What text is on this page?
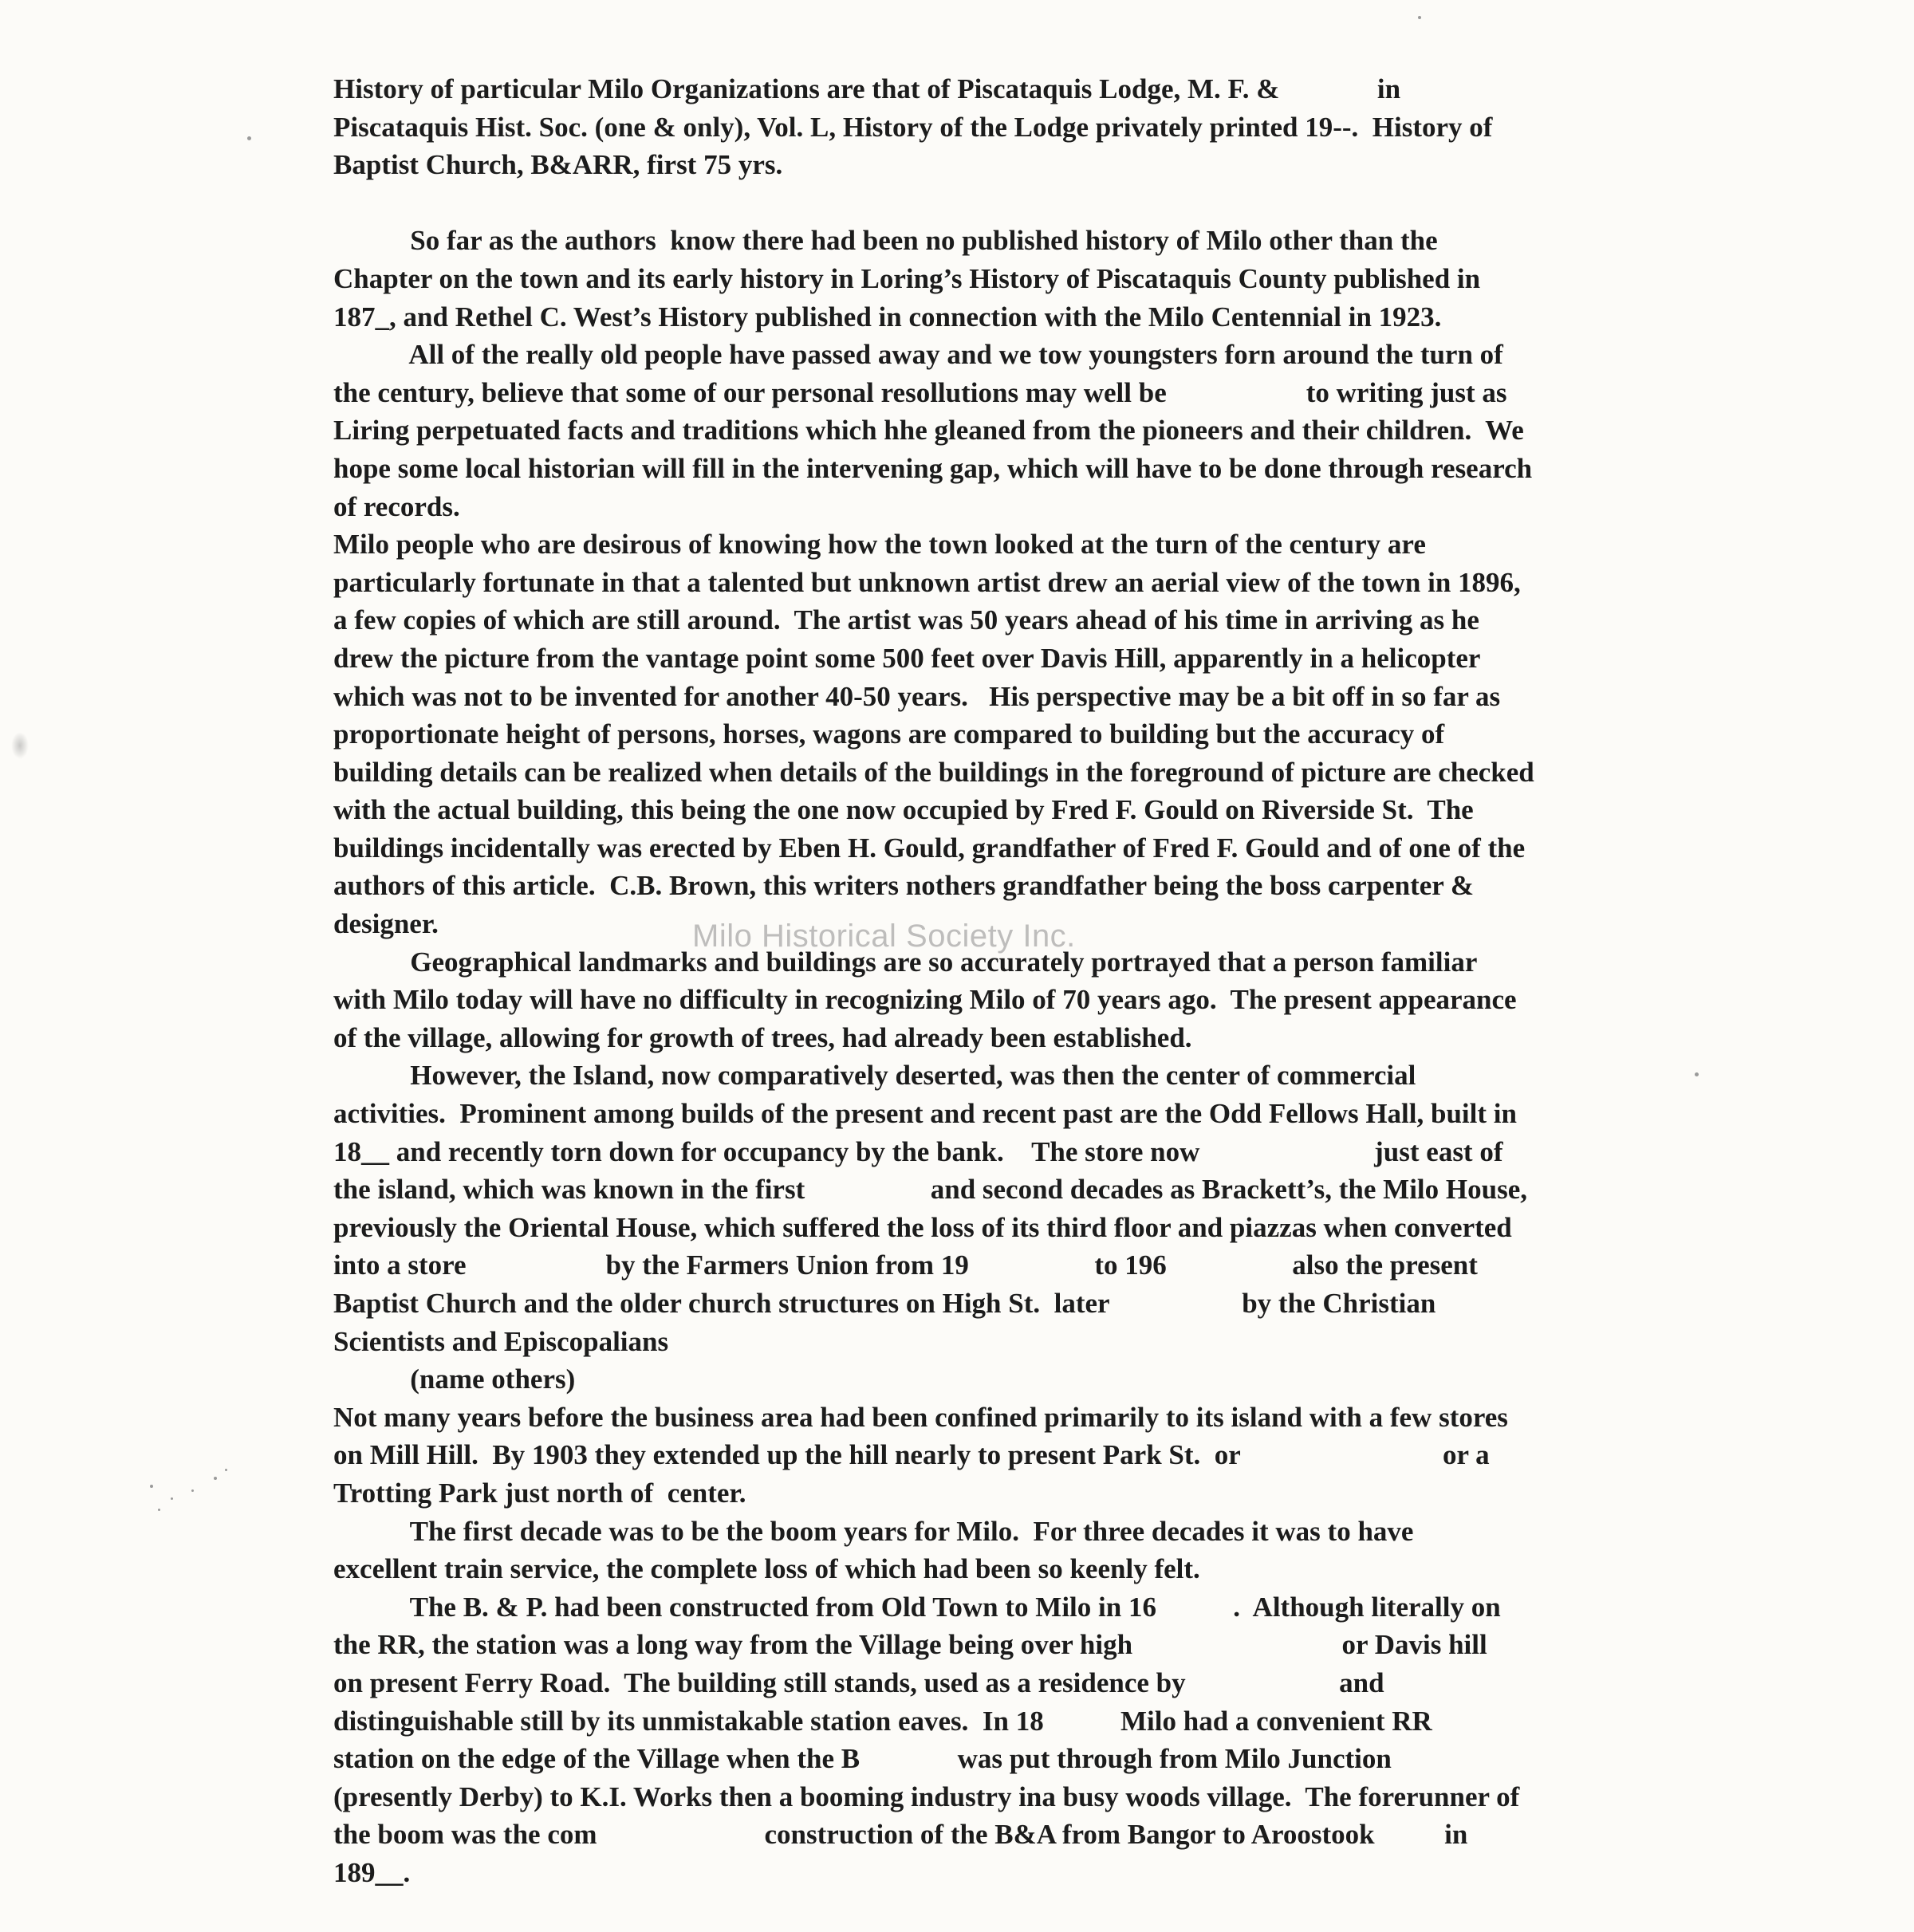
History of particular Milo Organizations are that of Piscataquis Lodge, M. F. &              in
Piscataquis Hist. Soc. (one & only), Vol. L, History of the Lodge privately printed 19--.  History of
Baptist Church, B&ARR, first 75 yrs.
So far as the authors  know there had been no published history of Milo other than the
Chapter on the town and its early history in Loring’s History of Piscataquis County published in
187_, and Rethel C. West’s History published in connection with the Milo Centennial in 1923.
All of the really old people have passed away and we tow youngsters forn around the turn of
the century, believe that some of our personal resollutions may well be                    to writing just as
Liring perpetuated facts and traditions which hhe gleaned from the pioneers and their children.  We
hope some local historian will fill in the intervening gap, which will have to be done through research
of records.
Milo people who are desirous of knowing how the town looked at the turn of the century are
particularly fortunate in that a talented but unknown artist drew an aerial view of the town in 1896,
a few copies of which are still around.  The artist was 50 years ahead of his time in arriving as he
drew the picture from the vantage point some 500 feet over Davis Hill, apparently in a helicopter
which was not to be invented for another 40-50 years.   His perspective may be a bit off in so far as
proportionate height of persons, horses, wagons are compared to building but the accuracy of
building details can be realized when details of the buildings in the foreground of picture are checked
with the actual building, this being the one now occupied by Fred F. Gould on Riverside St.  The
buildings incidentally was erected by Eben H. Gould, grandfather of Fred F. Gould and of one of the
authors of this article.  C.B. Brown, this writers nothers grandfather being the boss carpenter &
designer.
Geographical landmarks and buildings are so accurately portrayed that a person familiar
with Milo today will have no difficulty in recognizing Milo of 70 years ago.  The present appearance
of the village, allowing for growth of trees, had already been established.
However, the Island, now comparatively deserted, was then the center of commercial
activities.  Prominent among builds of the present and recent past are the Odd Fellows Hall, built in
18__ and recently torn down for occupancy by the bank.    The store now                         just east of
the island, which was known in the first                  and second decades as Brackett’s, the Milo House,
previously the Oriental House, which suffered the loss of its third floor and piazzas when converted
into a store                    by the Farmers Union from 19                  to 196                  also the present
Baptist Church and the older church structures on High St.  later                   by the Christian
Scientists and Episcopalians
(name others)
Not many years before the business area had been confined primarily to its island with a few stores
on Mill Hill.  By 1903 they extended up the hill nearly to present Park St.  or                             or a
Trotting Park just north of  center.
The first decade was to be the boom years for Milo.  For three decades it was to have
excellent train service, the complete loss of which had been so keenly felt.
The B. & P. had been constructed from Old Town to Milo in 16           .  Although literally on
the RR, the station was a long way from the Village being over high                              or Davis hill
on present Ferry Road.  The building still stands, used as a residence by                      and
distinguishable still by its unmistakable station eaves.  In 18           Milo had a convenient RR
station on the edge of the Village when the B              was put through from Milo Junction
(presently Derby) to K.I. Works then a booming industry ina busy woods village.  The forerunner of
the boom was the com                        construction of the B&A from Bangor to Aroostook          in
189__.
Milo Historical Society Inc.
